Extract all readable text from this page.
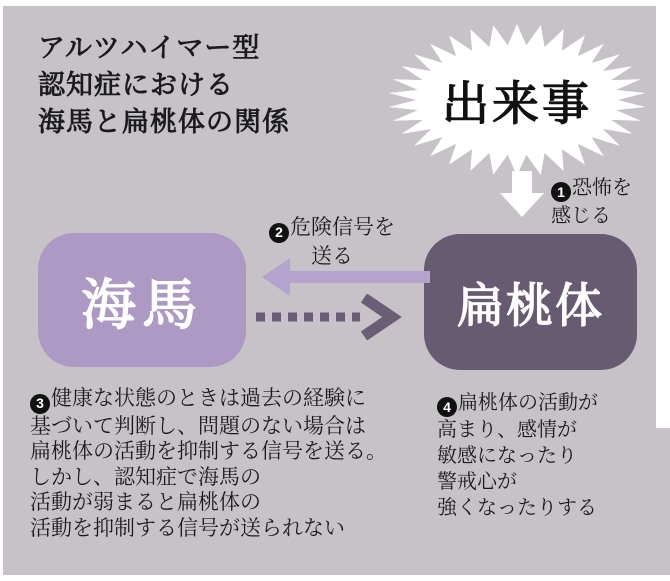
アルツハイマー型
認知症における
海馬と扁桃体の関係	出来事
1 恐怖を
感じる
海馬	扁桃体
2 危険信号を
送る
3 健康な状態のときは過去の経験に
基づいて判断し、問題のない場合は
扁桃体の活動を抑制する信号を送る。
しかし、認知症で海馬の
活動が弱まると扁桃体の
活動を抑制する信号が送られない
4 扁桃体の活動が
高まり、感情が
敏感になったり
警戒心が
強くなったりする
